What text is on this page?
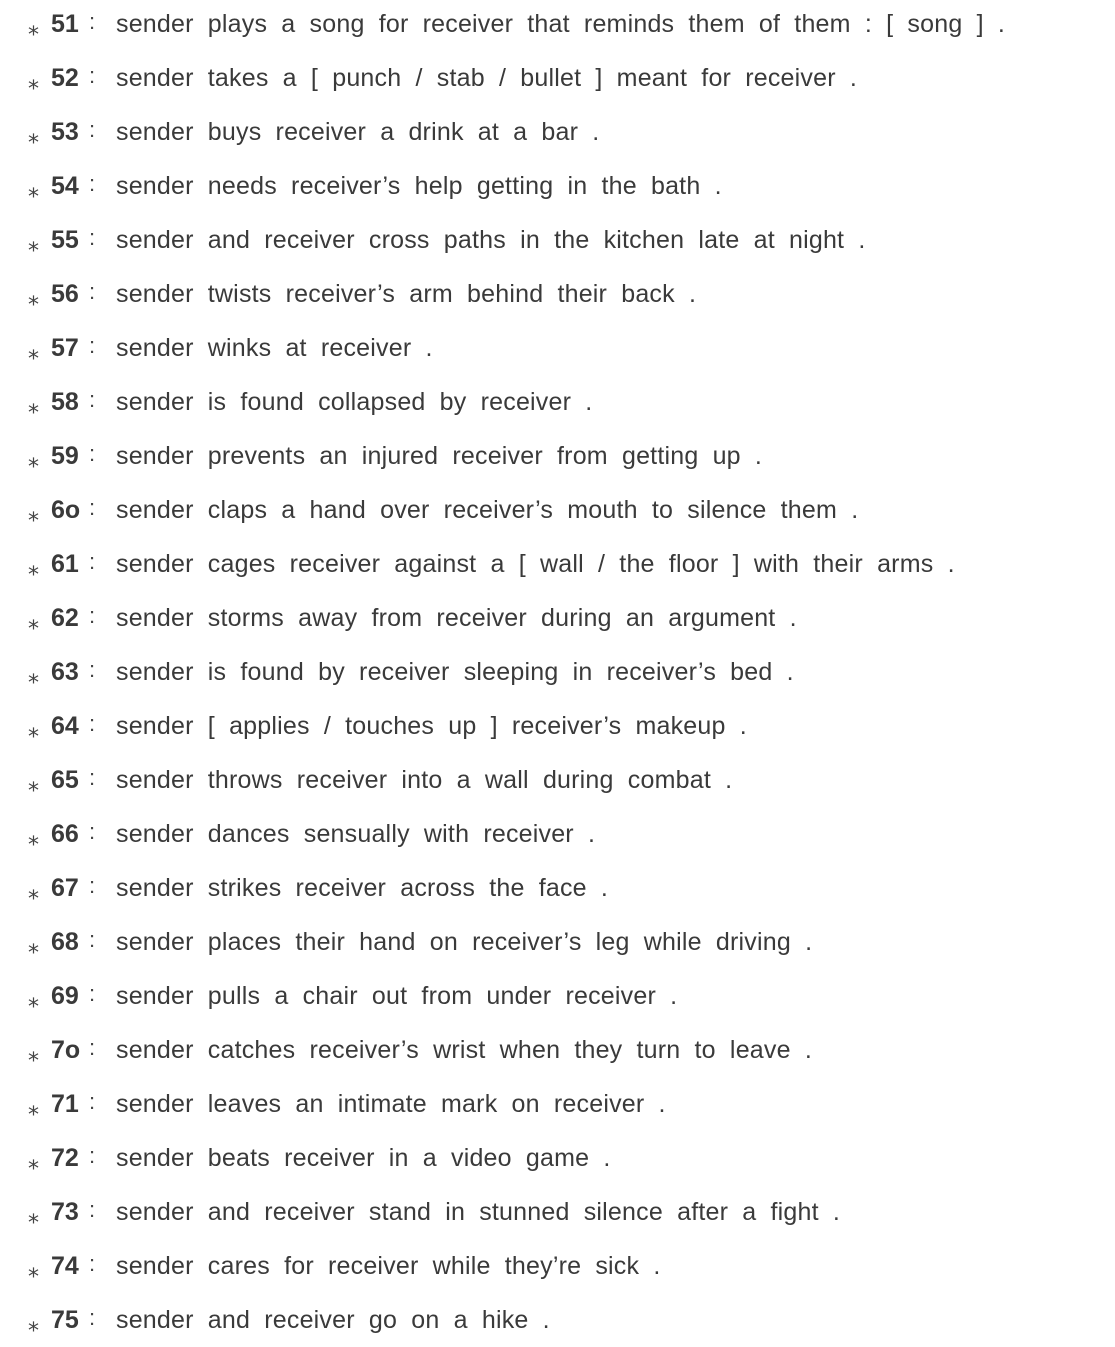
⁎ 51 : sender plays a song for receiver that reminds them of them : [ song ] .
⁎ 52 : sender takes a [ punch / stab / bullet ] meant for receiver .
⁎ 53 : sender buys receiver a drink at a bar .
⁎ 54 : sender needs receiver’s help getting in the bath .
⁎ 55 : sender and receiver cross paths in the kitchen late at night .
⁎ 56 : sender twists receiver’s arm behind their back .
⁎ 57 : sender winks at receiver .
⁎ 58 : sender is found collapsed by receiver .
⁎ 59 : sender prevents an injured receiver from getting up .
⁎ 6o : sender claps a hand over receiver’s mouth to silence them .
⁎ 61 : sender cages receiver against a [ wall / the floor ] with their arms .
⁎ 62 : sender storms away from receiver during an argument .
⁎ 63 : sender is found by receiver sleeping in receiver’s bed .
⁎ 64 : sender [ applies / touches up ] receiver’s makeup .
⁎ 65 : sender throws receiver into a wall during combat .
⁎ 66 : sender dances sensually with receiver .
⁎ 67 : sender strikes receiver across the face .
⁎ 68 : sender places their hand on receiver’s leg while driving .
⁎ 69 : sender pulls a chair out from under receiver .
⁎ 7o : sender catches receiver’s wrist when they turn to leave .
⁎ 71 : sender leaves an intimate mark on receiver .
⁎ 72 : sender beats receiver in a video game .
⁎ 73 : sender and receiver stand in stunned silence after a fight .
⁎ 74 : sender cares for receiver while they’re sick .
⁎ 75 : sender and receiver go on a hike .
